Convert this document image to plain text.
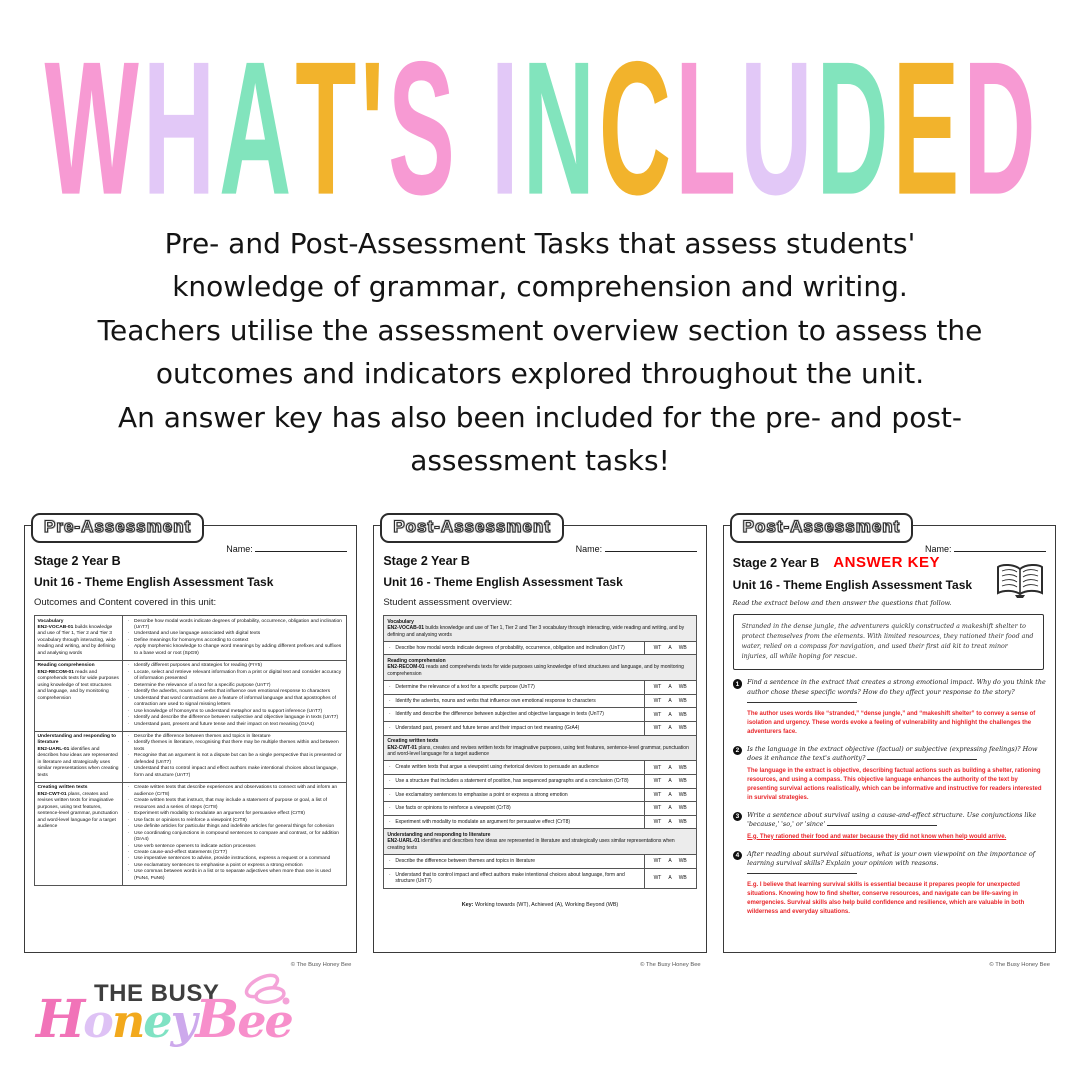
W H A T ' S I N C L U D E D
Pre- and Post-Assessment Tasks that assess students'
knowledge of grammar, comprehension and writing.
Teachers utilise the assessment overview section to assess the
outcomes and indicators explored throughout the unit.
An answer key has also been included for the pre- and post-
assessment tasks!
Name:
Stage 2 Year B
Unit 16 - Theme English Assessment Task
Outcomes and Content covered in this unit:
Vocabulary
EN2-VOCAB-01 builds knowledge and use of Tier 1, Tier 2 and Tier 3 vocabulary through interacting, wide reading and writing, and by defining and analysing words
· Describe how modal words indicate degrees of probability, occurrence, obligation and inclination (UnT7)
· Understand and use language associated with digital texts
· Define meanings for homonyms according to context
· Apply morphemic knowledge to change word meanings by adding different prefixes and suffixes to a base word or root (SpG9)
Reading comprehension
EN2-RECOM-01 reads and comprehends texts for wide purposes using knowledge of text structures and language, and by monitoring comprehension
· Identify different purposes and strategies for reading (FIY5)
· Locate, select and retrieve relevant information from a print or digital text and consider accuracy of information presented
· Determine the relevance of a text for a specific purpose (UnT7)
· Identify the adverbs, nouns and verbs that influence own emotional response to characters
· Understand that word contractions are a feature of informal language and that apostrophes of contraction are used to signal missing letters
· Use knowledge of homonyms to understand metaphor and to support inference (UnT7)
· Identify and describe the difference between subjective and objective language in texts (UnT7)
· Understand past, present and future tense and their impact on text meaning (GrA4)
Understanding and responding to literature
EN2-UARL-01 identifies and describes how ideas are represented in literature and strategically uses similar representations when creating texts
· Describe the difference between themes and topics in literature
· Identify themes in literature, recognising that there may be multiple themes within and between texts
· Recognise that an argument is not a dispute but can be a single perspective that is presented or defended (UnT7)
· Understand that to control impact and effect authors make intentional choices about language, form and structure (UnT7)
Creating written texts
EN2-CWT-01 plans, creates and revises written texts for imaginative purposes, using text features, sentence-level grammar, punctuation and word-level language for a target audience
· Create written texts that describe experiences and observations to connect with and inform an audience (CrT8)
· Create written texts that instruct, that may include a statement of purpose or goal, a list of resources and a series of steps (CrT8)
· Experiment with modality to modulate an argument for persuasive effect (CrT8)
· Use facts or opinions to reinforce a viewpoint (CrT8)
· Use definite articles for particular things and indefinite articles for general things for cohesion
· Use coordinating conjunctions in compound sentences to compare and contrast, or for addition (GrA4)
· Use verb sentence openers to indicate action processes
· Create cause-and-effect statements (CrT7)
· Use imperative sentences to advise, provide instructions, express a request or a command
· Use exclamatory sentences to emphasise a point or express a strong emotion
· Use commas between words in a list or to separate adjectives when more than one is used (PuN4, PuN6)
Pre-Assessment
© The Busy Honey Bee
Name:
Stage 2 Year B
Unit 16 - Theme English Assessment Task
Student assessment overview:
Vocabulary
EN2-VOCAB-01 builds knowledge and use of Tier 1, Tier 2 and Tier 3 vocabulary through interacting, wide reading and writing, and by defining and analysing words
· Describe how modal words indicate degrees of probability, occurrence, obligation and inclination (UnT7)	WT A WB
Reading comprehension
EN2-RECOM-01 reads and comprehends texts for wide purposes using knowledge of text structures and language, and by monitoring comprehension
· Determine the relevance of a text for a specific purpose (UnT7)	WT A WB
· Identify the adverbs, nouns and verbs that influence own emotional response to characters	WT A WB
· Identify and describe the difference between subjective and objective language in texts (UnT7)	WT A WB
· Understand past, present and future tense and their impact on text meaning (GrA4)	WT A WB
Creating written texts
EN2-CWT-01 plans, creates and revises written texts for imaginative purposes, using text features, sentence-level grammar, punctuation and word-level language for a target audience
· Create written texts that argue a viewpoint using rhetorical devices to persuade an audience	WT A WB
· Use a structure that includes a statement of position, has sequenced paragraphs and a conclusion (CrT8)	WT A WB
· Use exclamatory sentences to emphasise a point or express a strong emotion	WT A WB
· Use facts or opinions to reinforce a viewpoint (CrT8)	WT A WB
· Experiment with modality to modulate an argument for persuasive effect (CrT8)	WT A WB
Understanding and responding to literature
EN2-UARL-01 identifies and describes how ideas are represented in literature and strategically uses similar representations when creating texts
· Describe the difference between themes and topics in literature	WT A WB
· Understand that to control impact and effect authors make intentional choices about language, form and structure (UnT7)	WT A WB
Key: Working towards (WT), Achieved (A), Working Beyond (WB)
Post-Assessment
© The Busy Honey Bee
Name:
Stage 2 Year B ANSWER KEY
Unit 16 - Theme English Assessment Task
Read the extract below and then answer the questions that follow.
Stranded in the dense jungle, the adventurers quickly constructed a makeshift shelter to protect themselves from the elements. With limited resources, they rationed their food and water, relied on a compass for navigation, and used their first aid kit to treat minor injuries, all while hoping for rescue.
1	Find a sentence in the extract that creates a strong emotional impact. Why do you think the author chose these specific words? How do they affect your response to the story?
The author uses words like “stranded,” “dense jungle,” and “makeshift shelter” to convey a sense of isolation and urgency. These words evoke a feeling of vulnerability and highlight the challenges the adventurers face.
2	Is the language in the extract objective (factual) or subjective (expressing feelings)? How does it enhance the text's authority?
The language in the extract is objective, describing factual actions such as building a shelter, rationing resources, and using a compass. This objective language enhances the authority of the text by presenting survival actions realistically, which can be informative and instructive for readers interested in survival strategies.
3	Write a sentence about survival using a cause-and-effect structure. Use conjunctions like 'because,' 'so,' or 'since'
E.g. They rationed their food and water because they did not know when help would arrive.
4	After reading about survival situations, what is your own viewpoint on the importance of learning survival skills? Explain your opinion with reasons.
E.g. I believe that learning survival skills is essential because it prepares people for unexpected situations. Knowing how to find shelter, conserve resources, and navigate can be life-saving in emergencies. Survival skills also help build confidence and resilience, which are valuable in both wilderness and everyday situations.
Post-Assessment
© The Busy Honey Bee
THE BUSY
HoneyBee
